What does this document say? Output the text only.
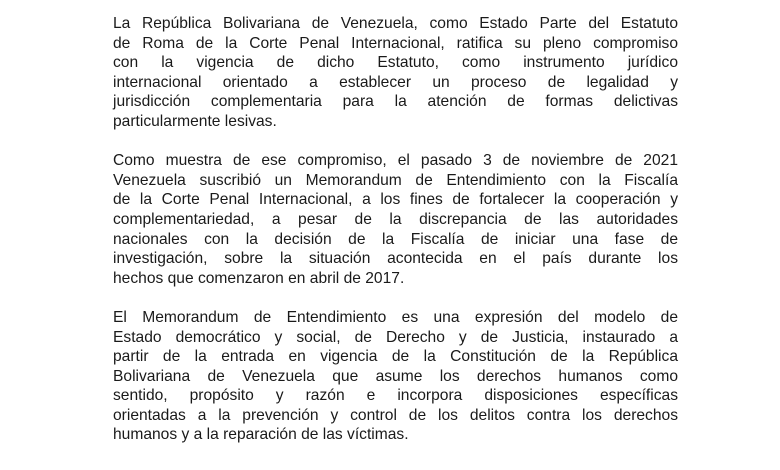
La República Bolivariana de Venezuela, como Estado Parte del Estatuto
de Roma de la Corte Penal Internacional, ratifica su pleno compromiso
con la vigencia de dicho Estatuto, como instrumento jurídico
internacional orientado a establecer un proceso de legalidad y
jurisdicción complementaria para la atención de formas delictivas
particularmente lesivas.

Como muestra de ese compromiso, el pasado 3 de noviembre de 2021
Venezuela suscribió un Memorandum de Entendimiento con la Fiscalía
de la Corte Penal Internacional, a los fines de fortalecer la cooperación y
complementariedad, a pesar de la discrepancia de las autoridades
nacionales con la decisión de la Fiscalía de iniciar una fase de
investigación, sobre la situación acontecida en el país durante los
hechos que comenzaron en abril de 2017.

El Memorandum de Entendimiento es una expresión del modelo de
Estado democrático y social, de Derecho y de Justicia, instaurado a
partir de la entrada en vigencia de la Constitución de la República
Bolivariana de Venezuela que asume los derechos humanos como
sentido, propósito y razón e incorpora disposiciones específicas
orientadas a la prevención y control de los delitos contra los derechos
humanos y a la reparación de las víctimas.
